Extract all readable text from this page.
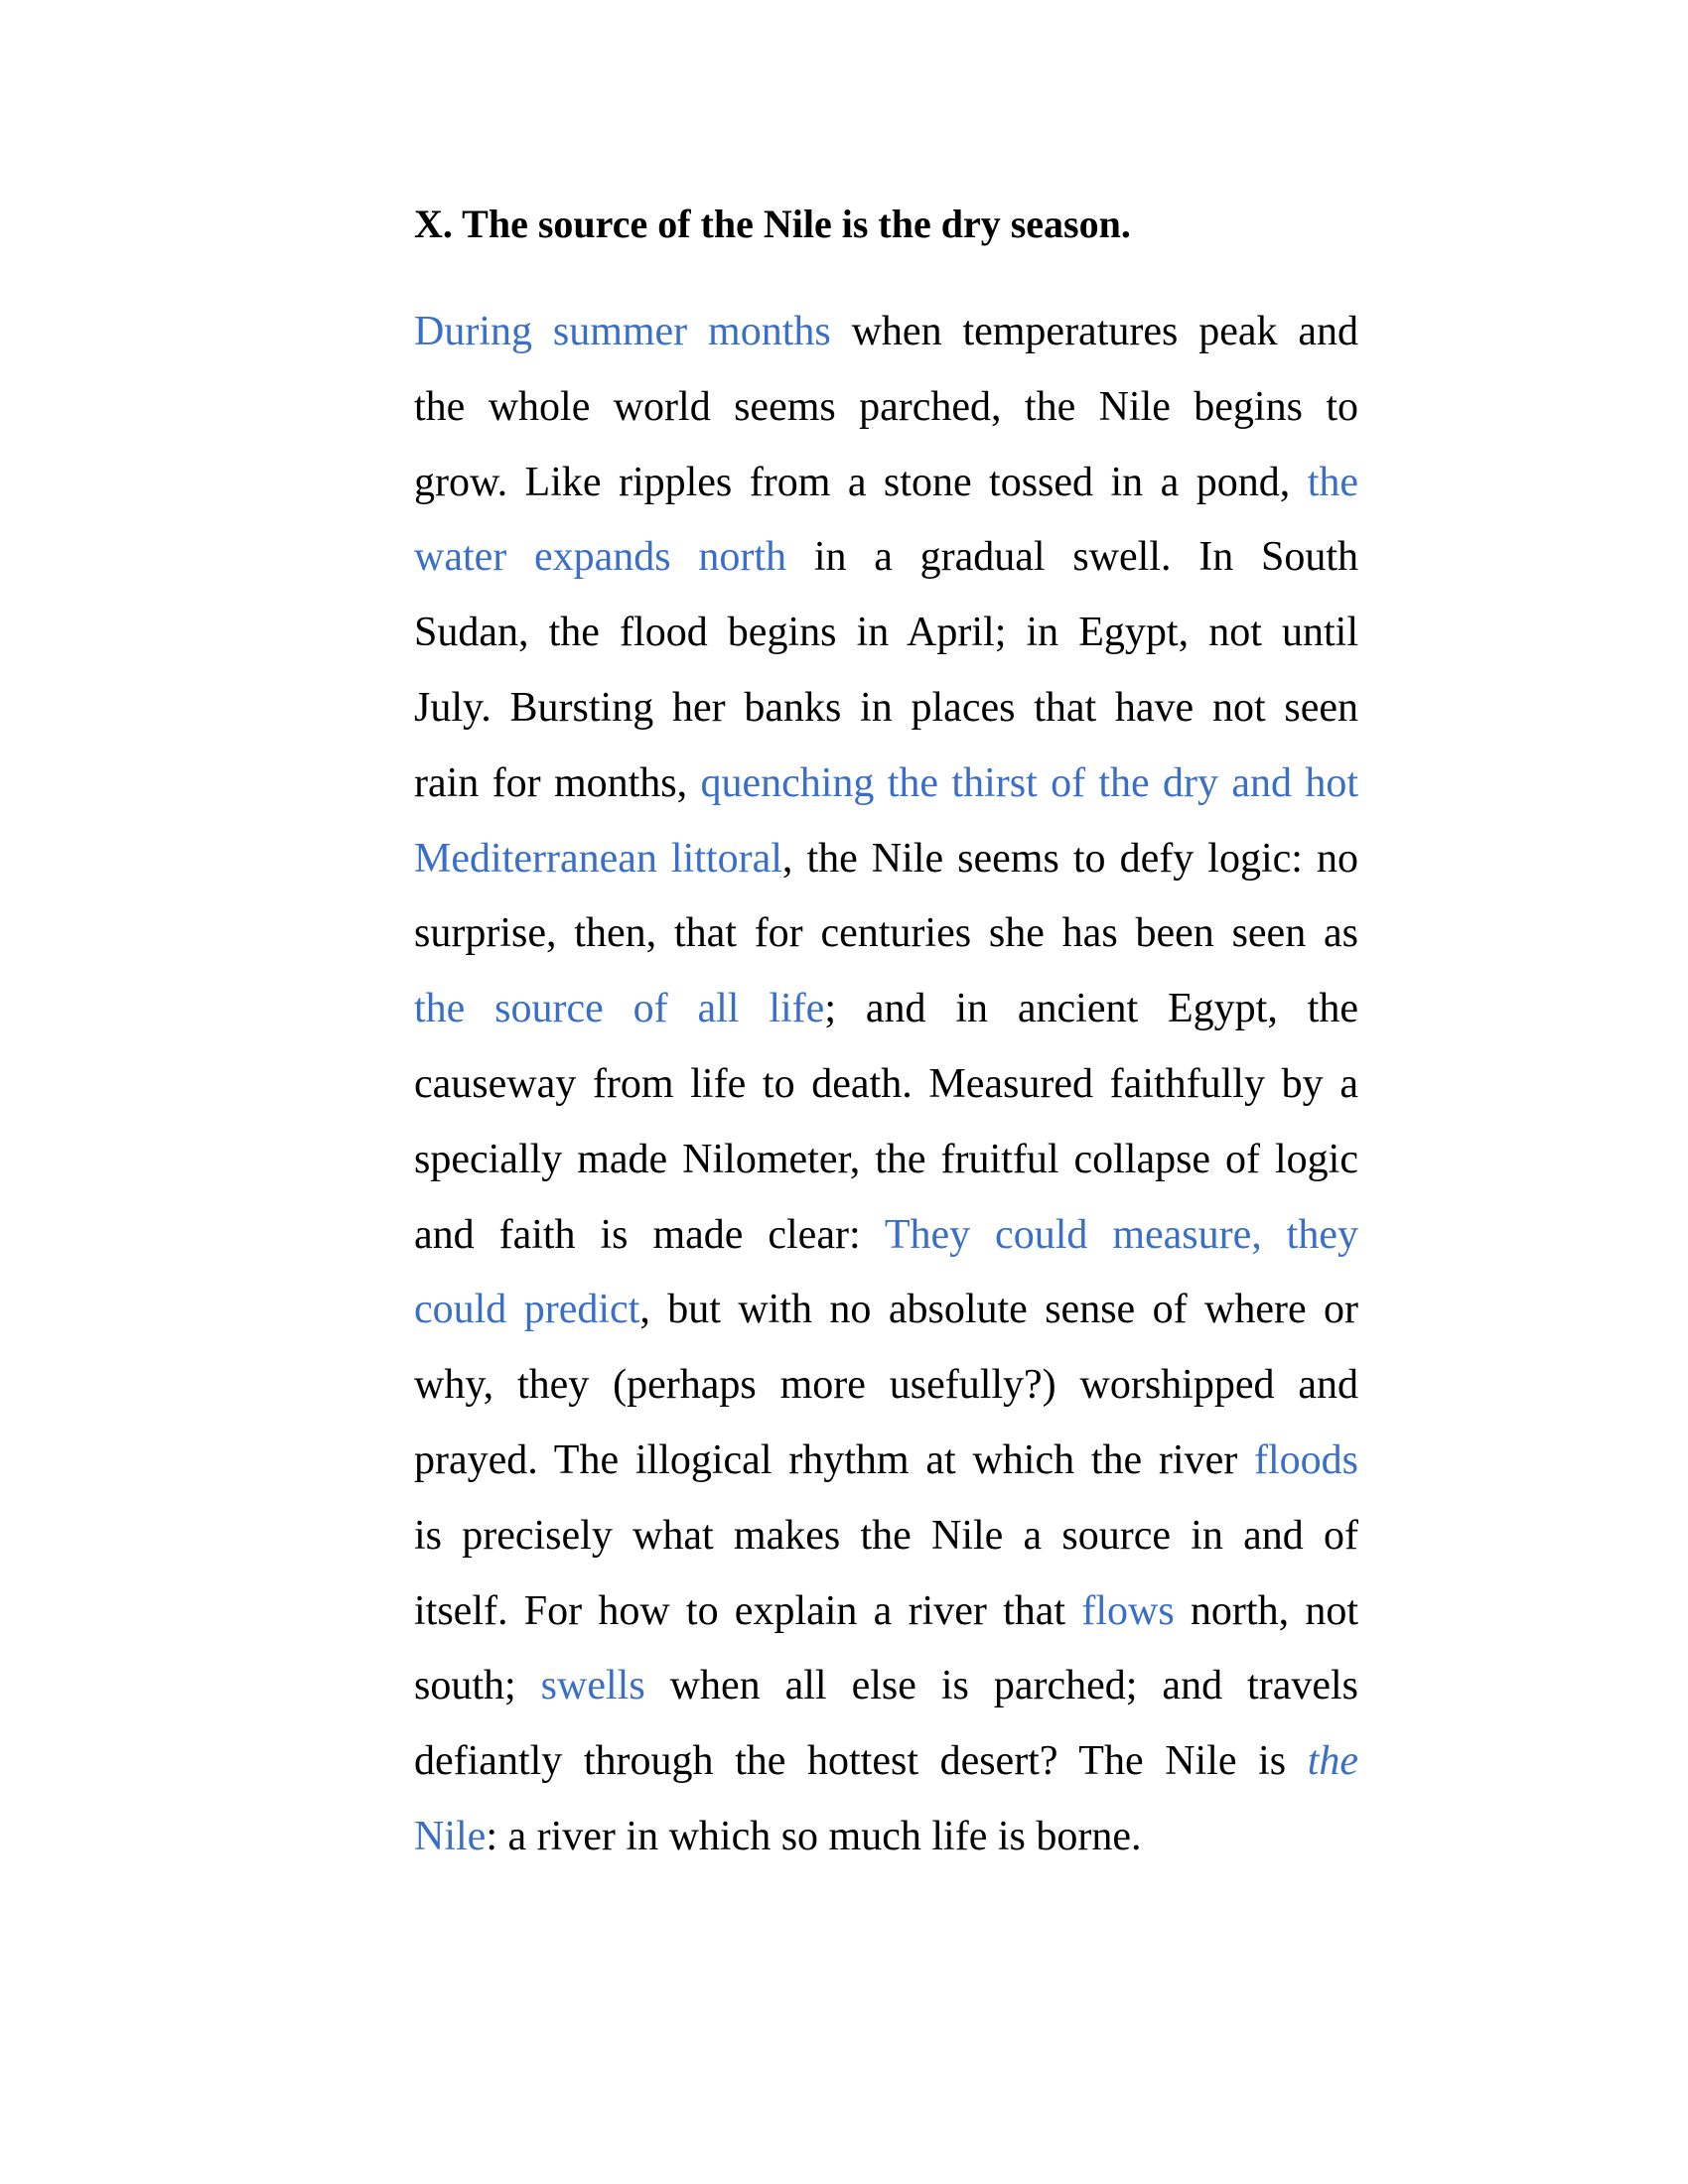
X. The source of the Nile is the dry season.
During summer months when temperatures peak and
the whole world seems parched, the Nile begins to
grow. Like ripples from a stone tossed in a pond, the
water expands north in a gradual swell. In South
Sudan, the flood begins in April; in Egypt, not until
July. Bursting her banks in places that have not seen
rain for months, quenching the thirst of the dry and hot
Mediterranean littoral, the Nile seems to defy logic: no
surprise, then, that for centuries she has been seen as
the source of all life; and in ancient Egypt, the
causeway from life to death. Measured faithfully by a
specially made Nilometer, the fruitful collapse of logic
and faith is made clear: They could measure, they
could predict, but with no absolute sense of where or
why, they (perhaps more usefully?) worshipped and
prayed. The illogical rhythm at which the river floods
is precisely what makes the Nile a source in and of
itself. For how to explain a river that flows north, not
south; swells when all else is parched; and travels
defiantly through the hottest desert? The Nile is the
Nile: a river in which so much life is borne.
